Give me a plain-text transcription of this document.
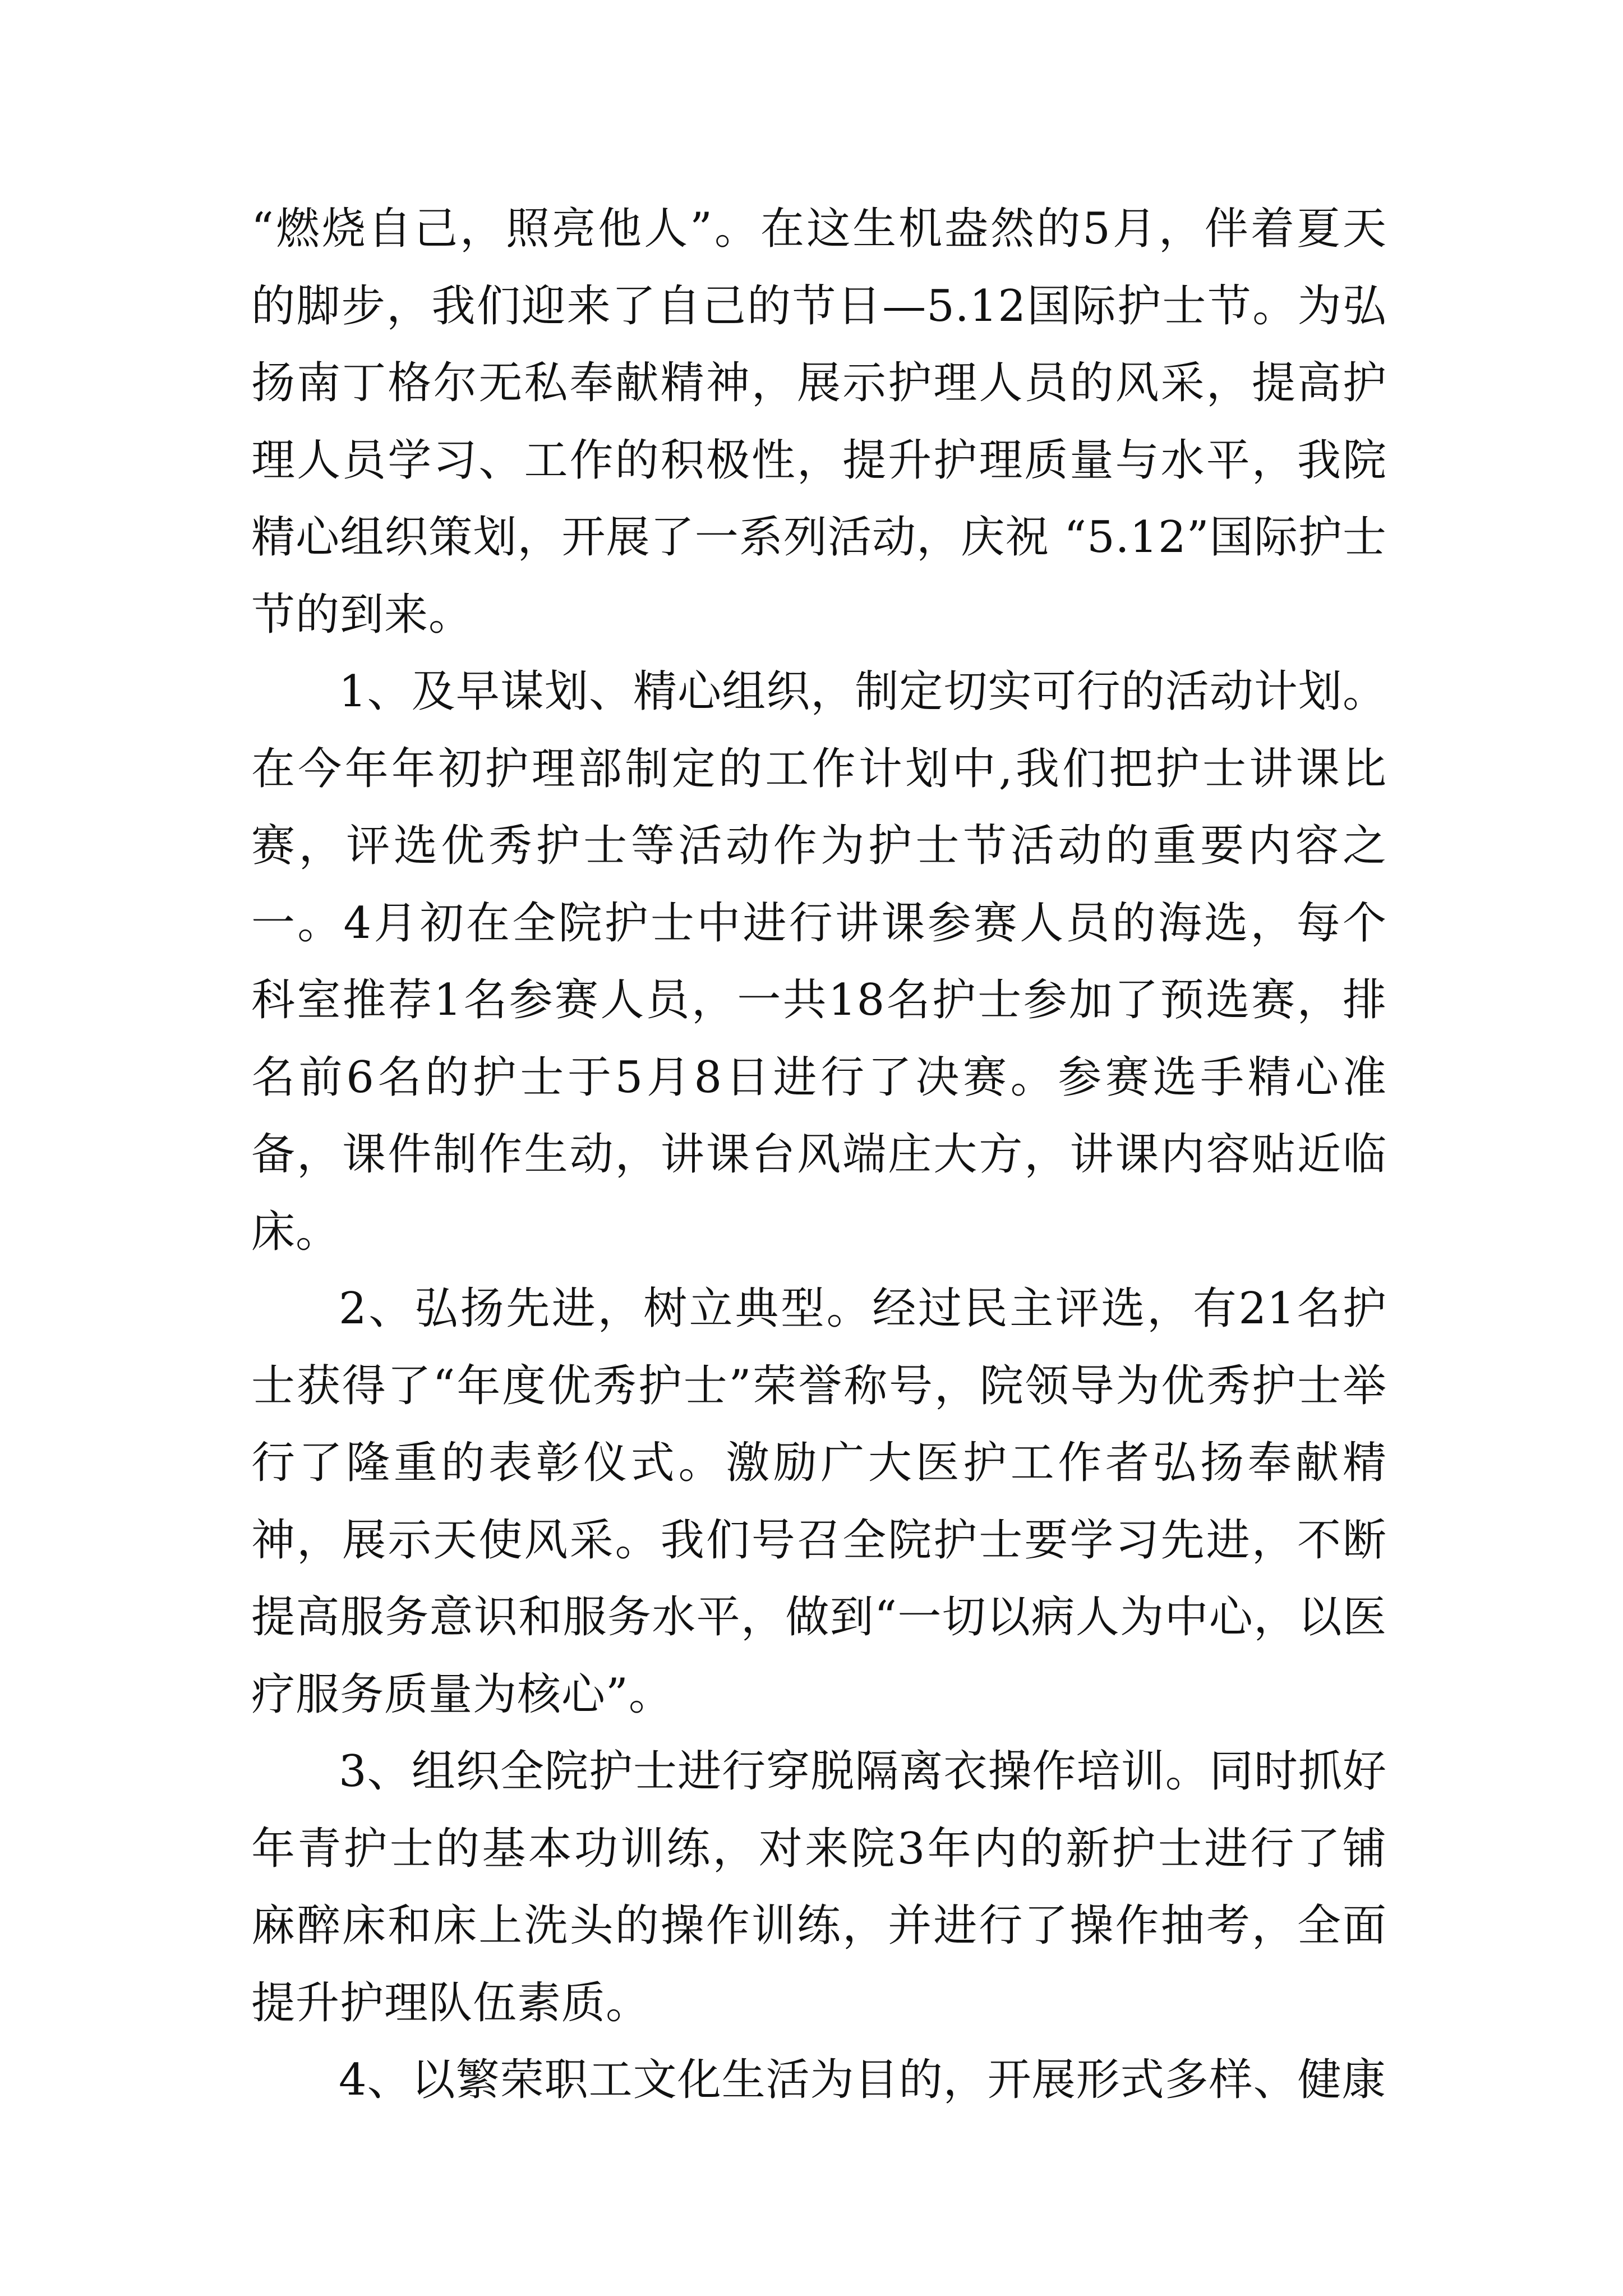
“燃烧自己，照亮他人”。在这生机盎然的5月，伴着夏天的脚步，我们迎来了自己的节日—5.12国际护士节。为弘扬南丁格尔无私奉献精神，展示护理人员的风采，提高护理人员学习、工作的积极性，提升护理质量与水平，我院精心组织策划，开展了一系列活动，庆祝 “5.12”国际护士节的到来。

1、及早谋划、精心组织，制定切实可行的活动计划。在今年年初护理部制定的工作计划中,我们把护士讲课比赛，评选优秀护士等活动作为护士节活动的重要内容之一。4月初在全院护士中进行讲课参赛人员的海选，每个科室推荐1名参赛人员，一共18名护士参加了预选赛，排名前6名的护士于5月8日进行了决赛。参赛选手精心准备，课件制作生动，讲课台风端庄大方，讲课内容贴近临床。

2、弘扬先进，树立典型。经过民主评选，有21名护士获得了“年度优秀护士”荣誉称号，院领导为优秀护士举行了隆重的表彰仪式。激励广大医护工作者弘扬奉献精神，展示天使风采。我们号召全院护士要学习先进，不断提高服务意识和服务水平，做到“一切以病人为中心，以医疗服务质量为核心”。

3、组织全院护士进行穿脱隔离衣操作培训。同时抓好年青护士的基本功训练，对来院3年内的新护士进行了铺麻醉床和床上洗头的操作训练，并进行了操作抽考，全面提升护理队伍素质。

4、以繁荣职工文化生活为目的，开展形式多样、健康
